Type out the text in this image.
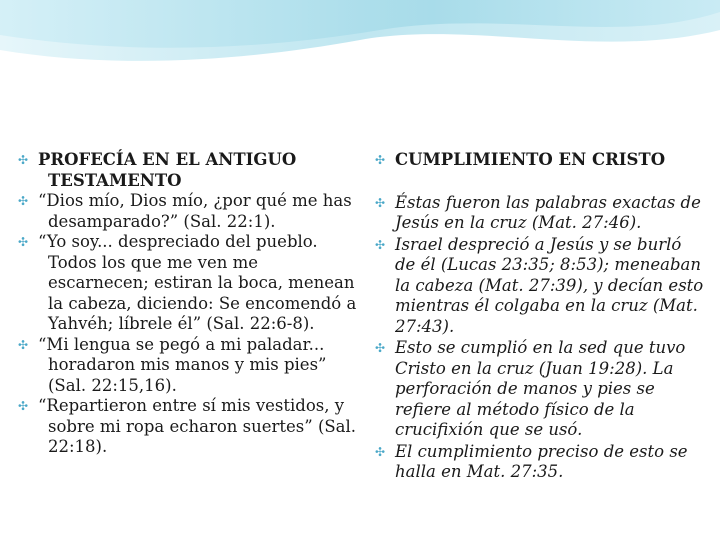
✣ PROFECÍA EN EL ANTIGUO TESTAMENTO

✣ “Dios mío, Dios mío, ¿por qué me has desamparado?” (Sal. 22:1).

✣ “Yo soy... despreciado del pueblo. Todos los que me ven me escarnecen; estiran la boca, menean la cabeza, diciendo: Se encomendó a Yahvéh; líbrele él” (Sal. 22:6-8).

✣ “Mi lengua se pegó a mi paladar... horadaron mis manos y mis pies” (Sal. 22:15,16).

✣ “Repartieron entre sí mis vestidos, y sobre mi ropa echaron suertes” (Sal. 22:18).

✣ CUMPLIMIENTO EN CRISTO

✣ Éstas fueron las palabras exactas de Jesús en la cruz (Mat. 27:46).

✣ Israel despreció a Jesús y se burló de él (Lucas 23:35; 8:53); meneaban la cabeza (Mat. 27:39), y decían esto mientras él colgaba en la cruz (Mat. 27:43).

✣ Esto se cumplió en la sed que tuvo Cristo en la cruz (Juan 19:28). La perforación de manos y pies se refiere al método físico de la crucifixión que se usó.

✣ El cumplimiento preciso de esto se halla en Mat. 27:35.
